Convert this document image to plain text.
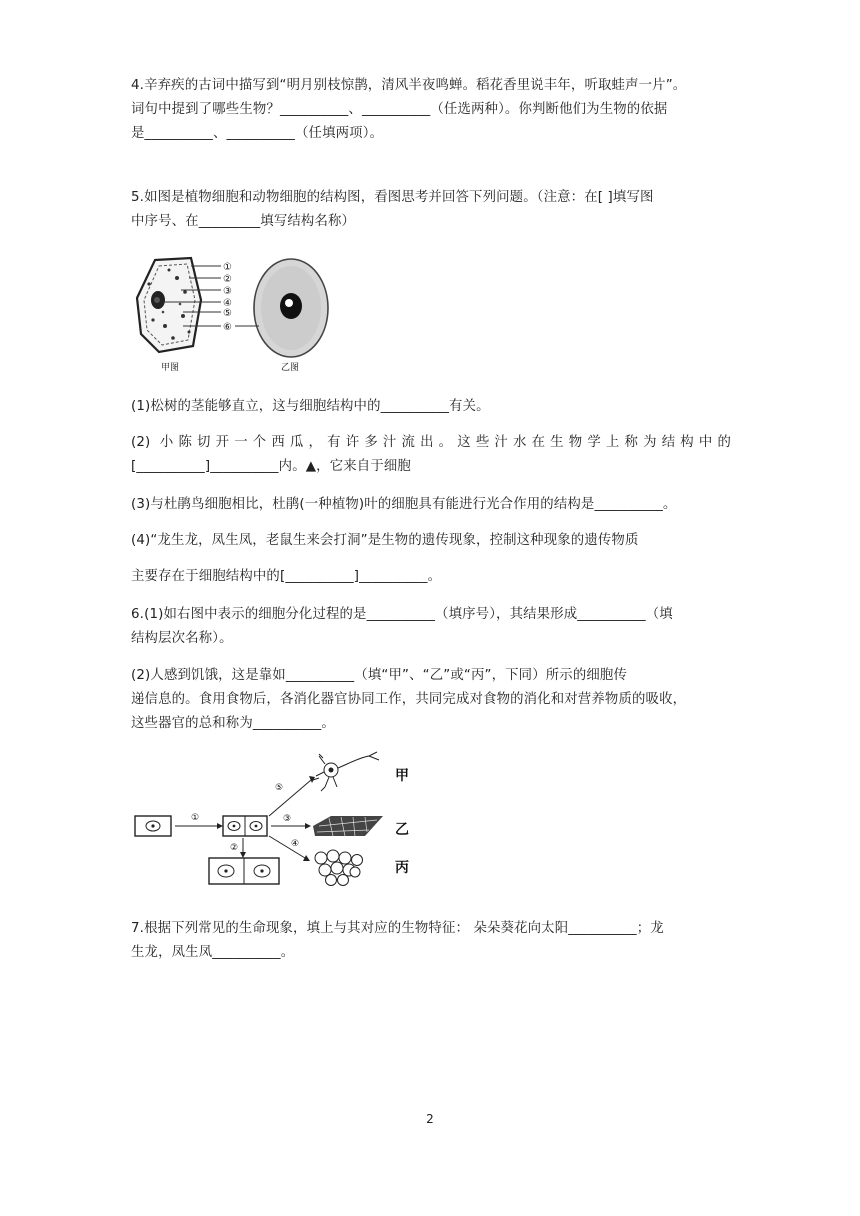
4.辛弃疾的古词中描写到“明月别枝惊鹊，清风半夜鸣蝉。稻花香里说丰年，听取蛙声一片”。
词句中提到了哪些生物？__________、__________（任选两种）。你判断他们为生物的依据
是__________、__________（任填两项）。

5.如图是植物细胞和动物细胞的结构图，看图思考并回答下列问题。（注意：在[ ]填写图
中序号、在_________填写结构名称）

①
②
③
④
⑤
⑥
甲图	乙图

(1)松树的茎能够直立，这与细胞结构中的__________有关。

(2) 小陈切开一个西瓜，有许多汁流出。这些汁水在生物学上称为结构中的
[__________]__________内。▲，它来自于细胞

(3)与杜鹃鸟细胞相比，杜鹃(一种植物)叶的细胞具有能进行光合作用的结构是__________。

(4)“龙生龙，凤生凤，老鼠生来会打洞”是生物的遗传现象，控制这种现象的遗传物质

主要存在于细胞结构中的[__________]__________。

6.(1)如右图中表示的细胞分化过程的是__________（填序号），其结果形成__________（填
结构层次名称）。

(2)人感到饥饿，这是靠如__________（填“甲”、“乙”或“丙”，下同）所示的细胞传
递信息的。食用食物后，各消化器官协同工作，共同完成对食物的消化和对营养物质的吸收，
这些器官的总和称为__________。

①
②
⑤
③
④
甲
乙
丙

7.根据下列常见的生命现象，填上与其对应的生物特征： 朵朵葵花向太阳__________；龙
生龙，凤生凤__________。

2
